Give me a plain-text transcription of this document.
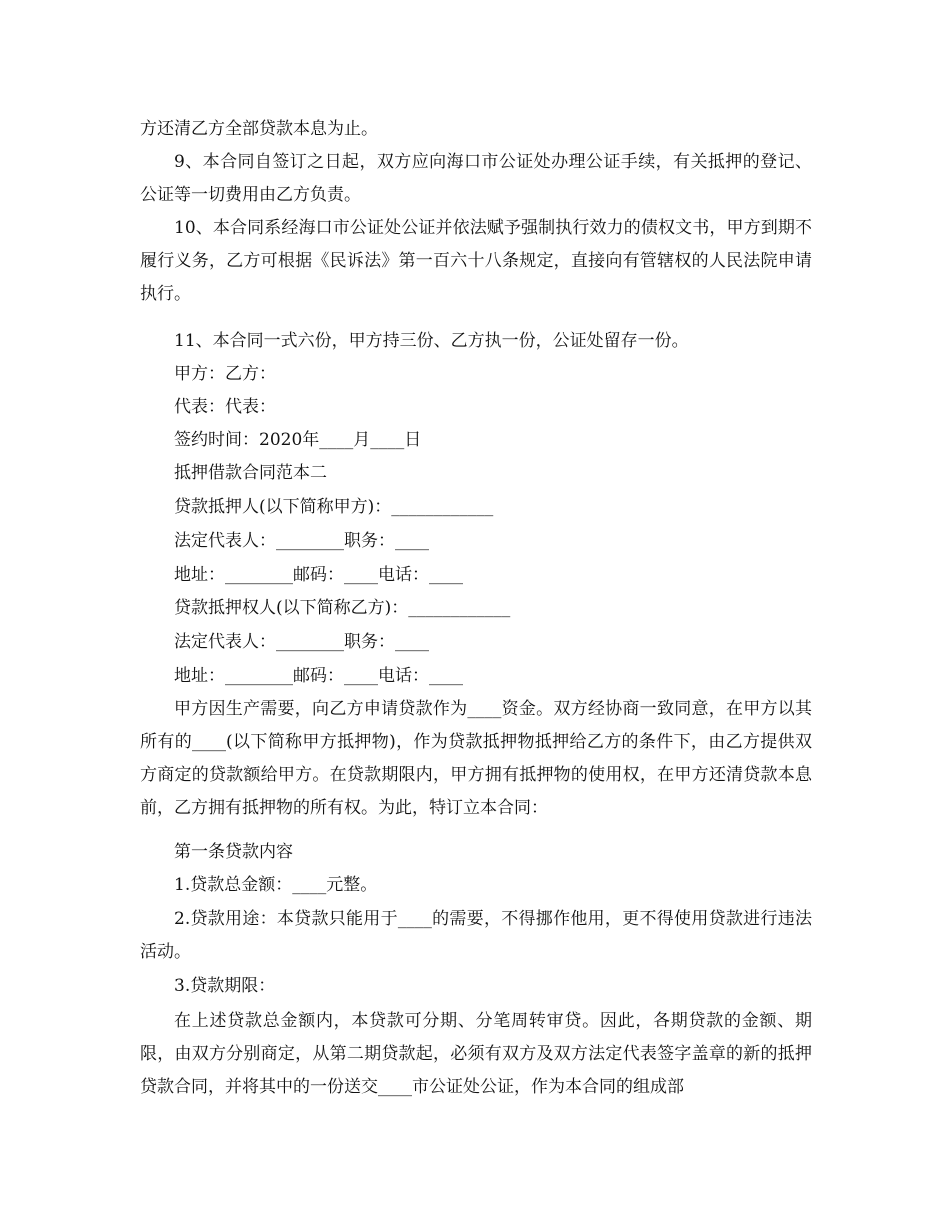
方还清乙方全部贷款本息为止。

9、本合同自签订之日起，双方应向海口市公证处办理公证手续，有关抵押的登记、公证等一切费用由乙方负责。

10、本合同系经海口市公证处公证并依法赋予强制执行效力的债权文书，甲方到期不履行义务，乙方可根据《民诉法》第一百六十八条规定，直接向有管辖权的人民法院申请执行。

11、本合同一式六份，甲方持三份、乙方执一份，公证处留存一份。

甲方：乙方：

代表：代表：

签约时间：2020年____月____日

抵押借款合同范本二

贷款抵押人(以下简称甲方)：____________

法定代表人：________职务：____

地址：________邮码：____电话：____

贷款抵押权人(以下简称乙方)：____________

法定代表人：________职务：____

地址：________邮码：____电话：____

甲方因生产需要，向乙方申请贷款作为____资金。双方经协商一致同意，在甲方以其所有的____(以下简称甲方抵押物)，作为贷款抵押物抵押给乙方的条件下，由乙方提供双方商定的贷款额给甲方。在贷款期限内，甲方拥有抵押物的使用权，在甲方还清贷款本息前，乙方拥有抵押物的所有权。为此，特订立本合同：

第一条贷款内容

1.贷款总金额：____元整。

2.贷款用途：本贷款只能用于____的需要，不得挪作他用，更不得使用贷款进行违法活动。

3.贷款期限：

在上述贷款总金额内，本贷款可分期、分笔周转审贷。因此，各期贷款的金额、期限，由双方分别商定，从第二期贷款起，必须有双方及双方法定代表签字盖章的新的抵押贷款合同，并将其中的一份送交____市公证处公证，作为本合同的组成部
